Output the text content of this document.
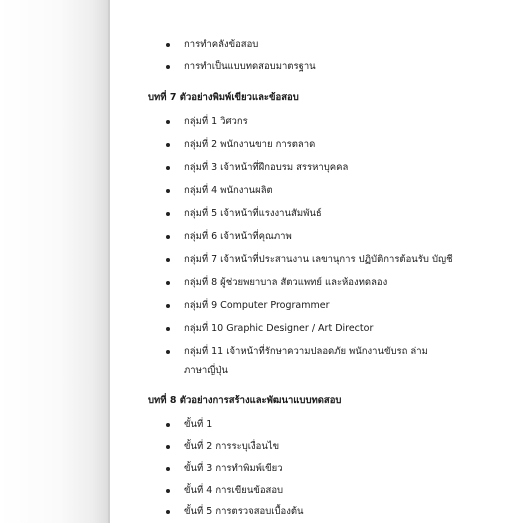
การทำคลังข้อสอบ
การทำเป็นแบบทดสอบมาตรฐาน
บทที่ 7 ตัวอย่างพิมพ์เขียวและข้อสอบ
กลุ่มที่ 1 วิศวกร
กลุ่มที่ 2 พนักงานขาย การตลาด
กลุ่มที่ 3 เจ้าหน้าที่ฝึกอบรม สรรหาบุคคล
กลุ่มที่ 4 พนักงานผลิต
กลุ่มที่ 5 เจ้าหน้าที่แรงงานสัมพันธ์
กลุ่มที่ 6 เจ้าหน้าที่คุณภาพ
กลุ่มที่ 7 เจ้าหน้าที่ประสานงาน เลขานุการ ปฏิบัติการต้อนรับ บัญชี
กลุ่มที่ 8 ผู้ช่วยพยาบาล สัตวแพทย์ และห้องทดลอง
กลุ่มที่ 9 Computer Programmer
กลุ่มที่ 10 Graphic Designer / Art Director
กลุ่มที่ 11 เจ้าหน้าที่รักษาความปลอดภัย พนักงานขับรถ ล่าม
ภาษาญี่ปุ่น
บทที่ 8 ตัวอย่างการสร้างและพัฒนาแบบทดสอบ
ขั้นที่ 1
ขั้นที่ 2 การระบุเงื่อนไข
ขั้นที่ 3 การทำพิมพ์เขียว
ขั้นที่ 4 การเขียนข้อสอบ
ขั้นที่ 5 การตรวจสอบเบื้องต้น
